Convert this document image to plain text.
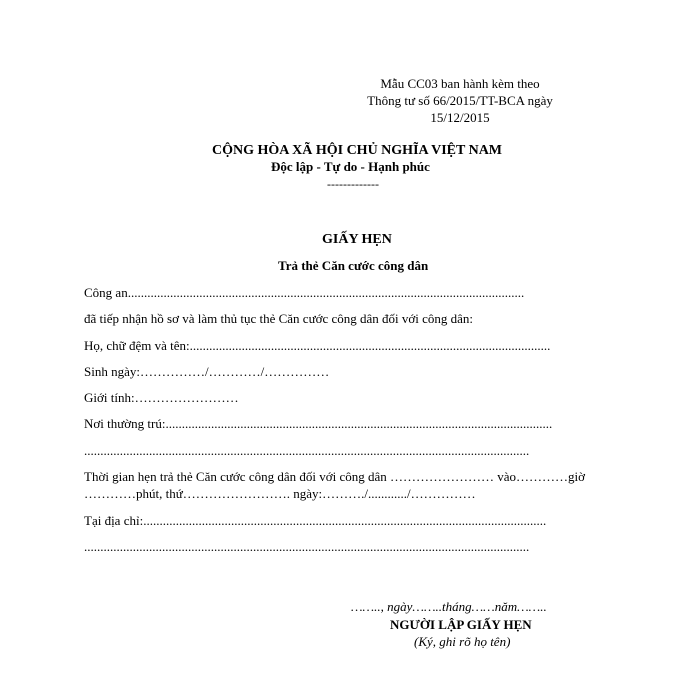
Mẫu CC03 ban hành kèm theo
Thông tư số 66/2015/TT-BCA ngày
15/12/2015
CỘNG HÒA XÃ HỘI CHỦ NGHĨA VIỆT NAM
Độc lập - Tự do - Hạnh phúc
-------------
GIẤY HẸN
Trả thẻ Căn cước công dân
Công an..........................................................................................................................
đã tiếp nhận hồ sơ và làm thủ tục thẻ Căn cước công dân đối với công dân:
Họ, chữ đệm và tên:...............................................................................................................
Sinh ngày:……………/…………/……………
Giới tính:……………………
Nơi thường trú:.......................................................................................................................
.........................................................................................................................................
Thời gian hẹn trả thẻ Căn cước công dân đối với công dân …………………… vào…………giờ
…………phút, thứ……………………. ngày:………./............/……………
Tại địa chỉ:............................................................................................................................
.........................................................................................................................................
…….., ngày……..tháng……năm……..
NGƯỜI LẬP GIẤY HẸN
(Ký, ghi rõ họ tên)
